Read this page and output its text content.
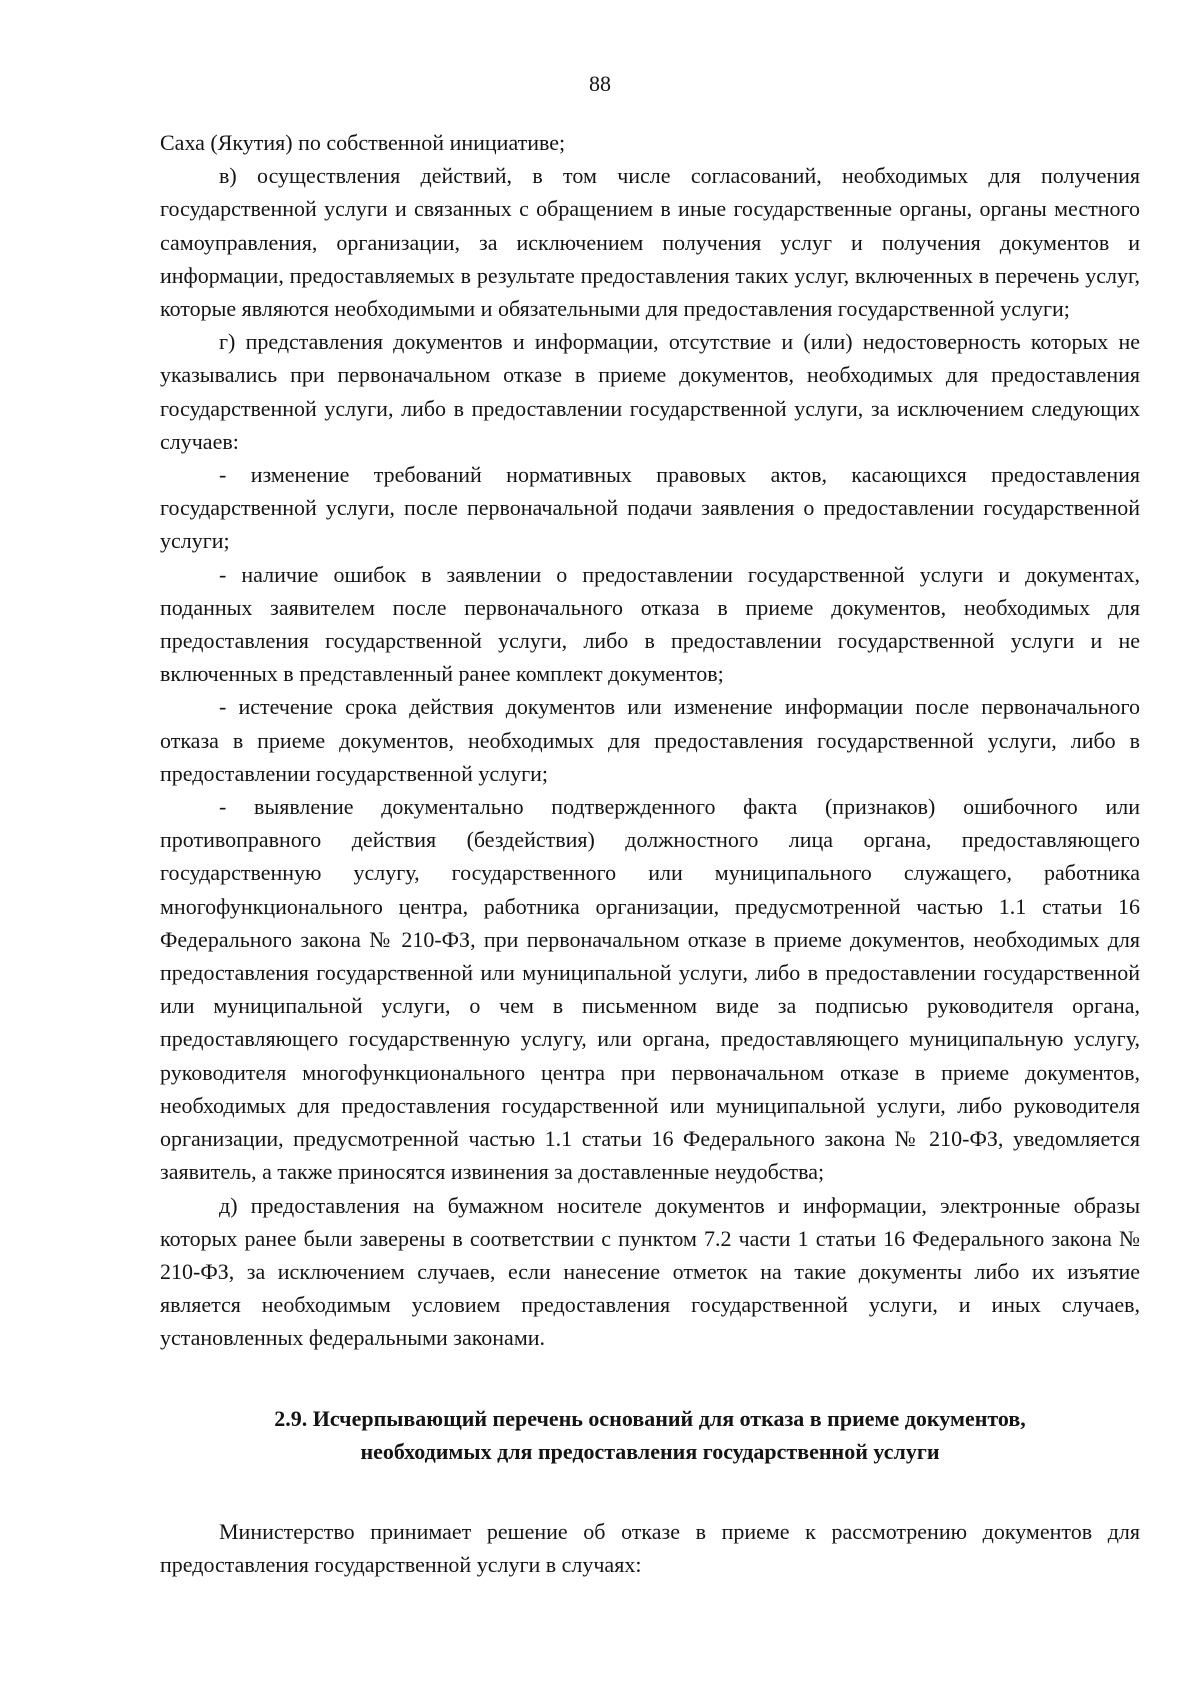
88

Саха (Якутия) по собственной инициативе;

в) осуществления действий, в том числе согласований, необходимых для получения государственной услуги и связанных с обращением в иные государственные органы, органы местного самоуправления, организации, за исключением получения услуг и получения документов и информации, предоставляемых в результате предоставления таких услуг, включенных в перечень услуг, которые являются необходимыми и обязательными для предоставления государственной услуги;

г) представления документов и информации, отсутствие и (или) недостоверность которых не указывались при первоначальном отказе в приеме документов, необходимых для предоставления государственной услуги, либо в предоставлении государственной услуги, за исключением следующих случаев:

- изменение требований нормативных правовых актов, касающихся предоставления государственной услуги, после первоначальной подачи заявления о предоставлении государственной услуги;

- наличие ошибок в заявлении о предоставлении государственной услуги и документах, поданных заявителем после первоначального отказа в приеме документов, необходимых для предоставления государственной услуги, либо в предоставлении государственной услуги и не включенных в представленный ранее комплект документов;

- истечение срока действия документов или изменение информации после первоначального отказа в приеме документов, необходимых для предоставления государственной услуги, либо в предоставлении государственной услуги;

- выявление документально подтвержденного факта (признаков) ошибочного или противоправного действия (бездействия) должностного лица органа, предоставляющего государственную услугу, государственного или муниципального служащего, работника многофункционального центра, работника организации, предусмотренной частью 1.1 статьи 16 Федерального закона № 210-ФЗ, при первоначальном отказе в приеме документов, необходимых для предоставления государственной или муниципальной услуги, либо в предоставлении государственной или муниципальной услуги, о чем в письменном виде за подписью руководителя органа, предоставляющего государственную услугу, или органа, предоставляющего муниципальную услугу, руководителя многофункционального центра при первоначальном отказе в приеме документов, необходимых для предоставления государственной или муниципальной услуги, либо руководителя организации, предусмотренной частью 1.1 статьи 16 Федерального закона № 210-ФЗ, уведомляется заявитель, а также приносятся извинения за доставленные неудобства;

д) предоставления на бумажном носителе документов и информации, электронные образы которых ранее были заверены в соответствии с пунктом 7.2 части 1 статьи 16 Федерального закона № 210-ФЗ, за исключением случаев, если нанесение отметок на такие документы либо их изъятие является необходимым условием предоставления государственной услуги, и иных случаев, установленных федеральными законами.

2.9. Исчерпывающий перечень оснований для отказа в приеме документов,
необходимых для предоставления государственной услуги

Министерство принимает решение об отказе в приеме к рассмотрению документов для предоставления государственной услуги в случаях:
